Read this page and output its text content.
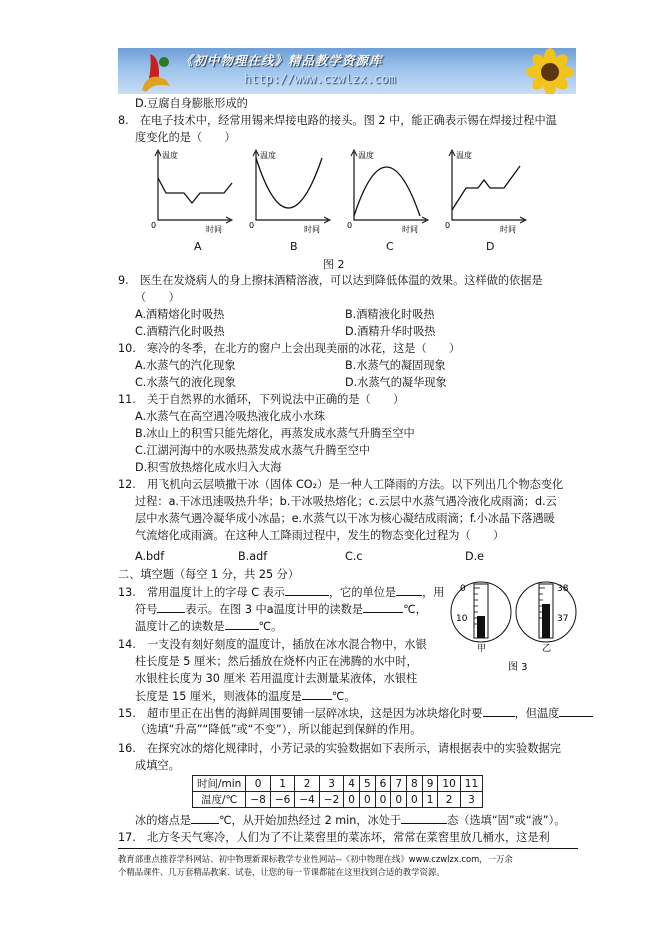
《初中物理在线》精品教学资源库
http://www.czwlzx.com
D.豆腐自身膨胀形成的
8.　在电子技术中，经常用锡来焊接电路的接头。图 2 中，能正确表示锡在焊接过程中温
度变化的是（　　）
温度
时间
0
温度
时间
0
温度
时间
0
温度
时间
0
A	B	C	D
图 2
9.　医生在发烧病人的身上擦抹酒精溶液，可以达到降低体温的效果。这样做的依据是
（　　）
A.酒精熔化时吸热	B.酒精液化时吸热
C.酒精汽化时吸热	D.酒精升华时吸热
10.　寒冷的冬季，在北方的窗户上会出现美丽的冰花，这是（　　）
A.水蒸气的汽化现象	B.水蒸气的凝固现象
C.水蒸气的液化现象	D.水蒸气的凝华现象
11.　关于自然界的水循环，下列说法中正确的是（　　）
A.水蒸气在高空遇冷吸热液化成小水珠
B.冰山上的积雪只能先熔化，再蒸发成水蒸气升腾至空中
C.江湖河海中的水吸热蒸发成水蒸气升腾至空中
D.积雪放热熔化成水归入大海
12.　用飞机向云层喷撒干冰（固体 CO₂）是一种人工降雨的方法。以下列出几个物态变化
过程：a.干冰迅速吸热升华；b.干冰吸热熔化；c.云层中水蒸气遇冷液化成雨滴；d.云
层中水蒸气遇冷凝华成小冰晶；e.水蒸气以干冰为核心凝结成雨滴；f.小冰晶下落遇暖
气流熔化成雨滴。在这种人工降雨过程中，发生的物态变化过程为（　　）
A.bdf	B.adf	C.c	D.e
二、填空题（每空 1 分，共 25 分）
13.　常用温度计上的字母 C 表示	，它的单位是 ，用
符号	表示。在图 3 中a温度计甲的读数是	℃，
温度计乙的读数是	℃。
0
10
38
37
甲	乙
图 3
14.　一支没有刻好刻度的温度计，插放在冰水混合物中，水银
柱长度是 5 厘米；然后插放在烧杯内正在沸腾的水中时，
水银柱长度为 30 厘米 若用温度计去测量某液体，水银柱
长度是 15 厘米，则液体的温度是	℃。
15.　超市里正在出售的海鲜周围要铺一层碎冰块，这是因为冰块熔化时要	，但温度
（选填“升高”“降低”或“不变”），所以能起到保鲜的作用。
16.　在探究冰的熔化规律时，小芳记录的实验数据如下表所示，请根据表中的实验数据完
成填空。
时间/min	0	1	2	3	4	5	6	7	8	9	10	11
温度/℃	−8	−6	−4	−2	0	0	0	0	0	1	2	3
冰的熔点是	℃，从开始加热经过 2 min，冰处于	态（选填“固”或“液”）。
17.　北方冬天气寒冷，人们为了不让菜窖里的菜冻坏，常常在菜窖里放几桶水，这是利
教育部重点推荐学科网站、初中物理新课标教学专业性网站--《初中物理在线》www.czwlzx.com，一万余
个精品课件、几万套精品教案、试卷，让您的每一节课都能在这里找到合适的教学资源。
